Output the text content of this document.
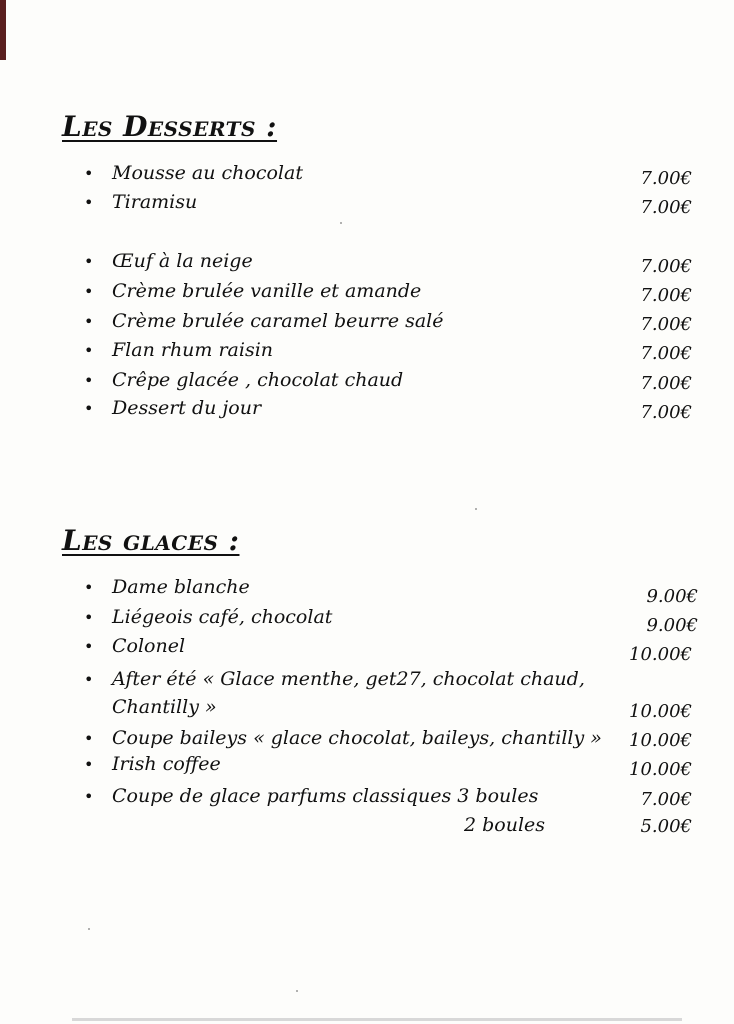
Les Desserts :
• Mousse au chocolat	7.00€
• Tiramisu	7.00€
• Œuf à la neige	7.00€
• Crème brulée vanille et amande	7.00€
• Crème brulée caramel beurre salé	7.00€
• Flan rhum raisin	7.00€
• Crêpe glacée , chocolat chaud	7.00€
• Dessert du jour	7.00€
Les glaces :
• Dame blanche	9.00€
• Liégeois café, chocolat	9.00€
• Colonel	10.00€
• After été « Glace menthe, get27, chocolat chaud,
Chantilly »	10.00€
• Coupe baileys « glace chocolat, baileys, chantilly » 10.00€
• Irish coffee	10.00€
• Coupe de glace parfums classiques 3 boules	7.00€
2 boules	5.00€
